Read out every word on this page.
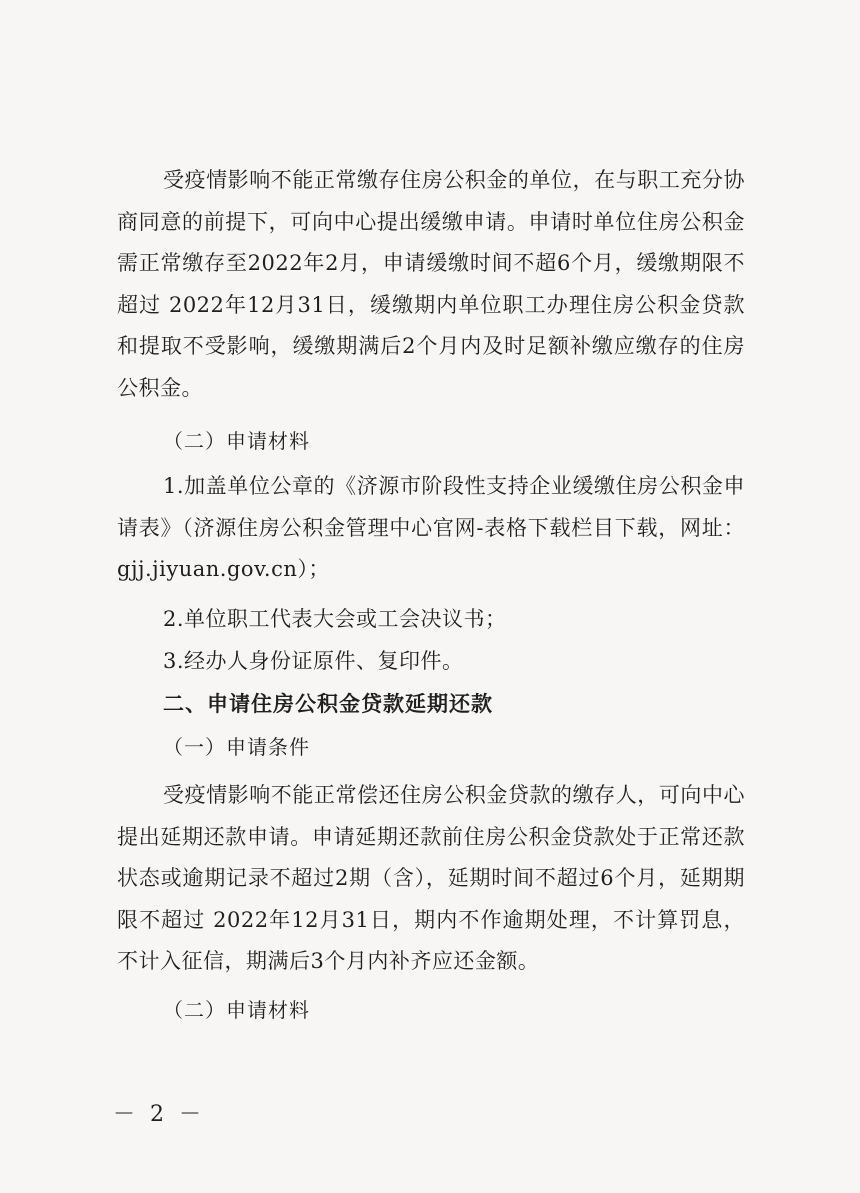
受疫情影响不能正常缴存住房公积金的单位，在与职工充分协商同意的前提下，可向中心提出缓缴申请。申请时单位住房公积金需正常缴存至2022年2月，申请缓缴时间不超6个月，缓缴期限不超过 2022年12月31日，缓缴期内单位职工办理住房公积金贷款和提取不受影响，缓缴期满后2个月内及时足额补缴应缴存的住房公积金。

（二）申请材料

1.加盖单位公章的《济源市阶段性支持企业缓缴住房公积金申请表》（济源住房公积金管理中心官网-表格下载栏目下载，网址：gjj.jiyuan.gov.cn）；

2.单位职工代表大会或工会决议书；
3.经办人身份证原件、复印件。
二、申请住房公积金贷款延期还款
（一）申请条件

受疫情影响不能正常偿还住房公积金贷款的缴存人，可向中心提出延期还款申请。申请延期还款前住房公积金贷款处于正常还款状态或逾期记录不超过2期（含），延期时间不超过6个月，延期期限不超过 2022年12月31日，期内不作逾期处理，不计算罚息，不计入征信，期满后3个月内补齐应还金额。

（二）申请材料
－ 2 －
